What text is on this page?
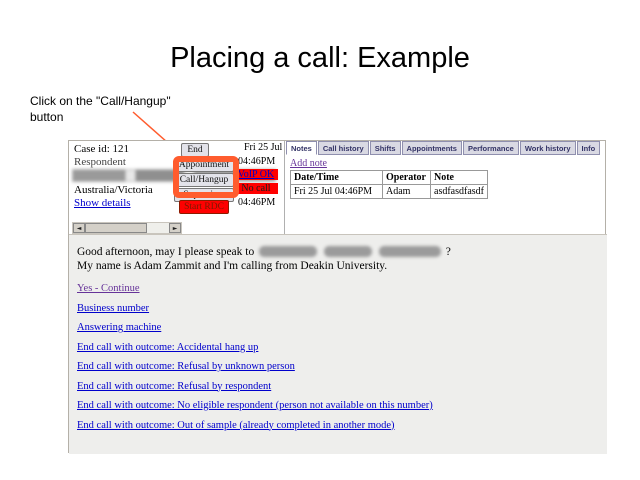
Placing a call: Example
Click on the "Call/Hangup"
button
Case id: 121
Respondent
Australia/Victoria
Show details
◄	►
End
Appointment
Call/Hangup
Supervisor
Start RDC
Fri 25 Jul
04:46PM
VoIP OK
No call
04:46PM
Notes	Call history	Shifts	Appointments	Performance	Work history	Info
Add note
Date/Time	Operator	Note
Fri 25 Jul 04:46PM	Adam	asdfasdfasdf
Good afternoon, may I please speak to	?
My name is Adam Zammit and I'm calling from Deakin University.
Yes - Continue
Business number
Answering machine
End call with outcome: Accidental hang up
End call with outcome: Refusal by unknown person
End call with outcome: Refusal by respondent
End call with outcome: No eligible respondent (person not available on this number)
End call with outcome: Out of sample (already completed in another mode)
